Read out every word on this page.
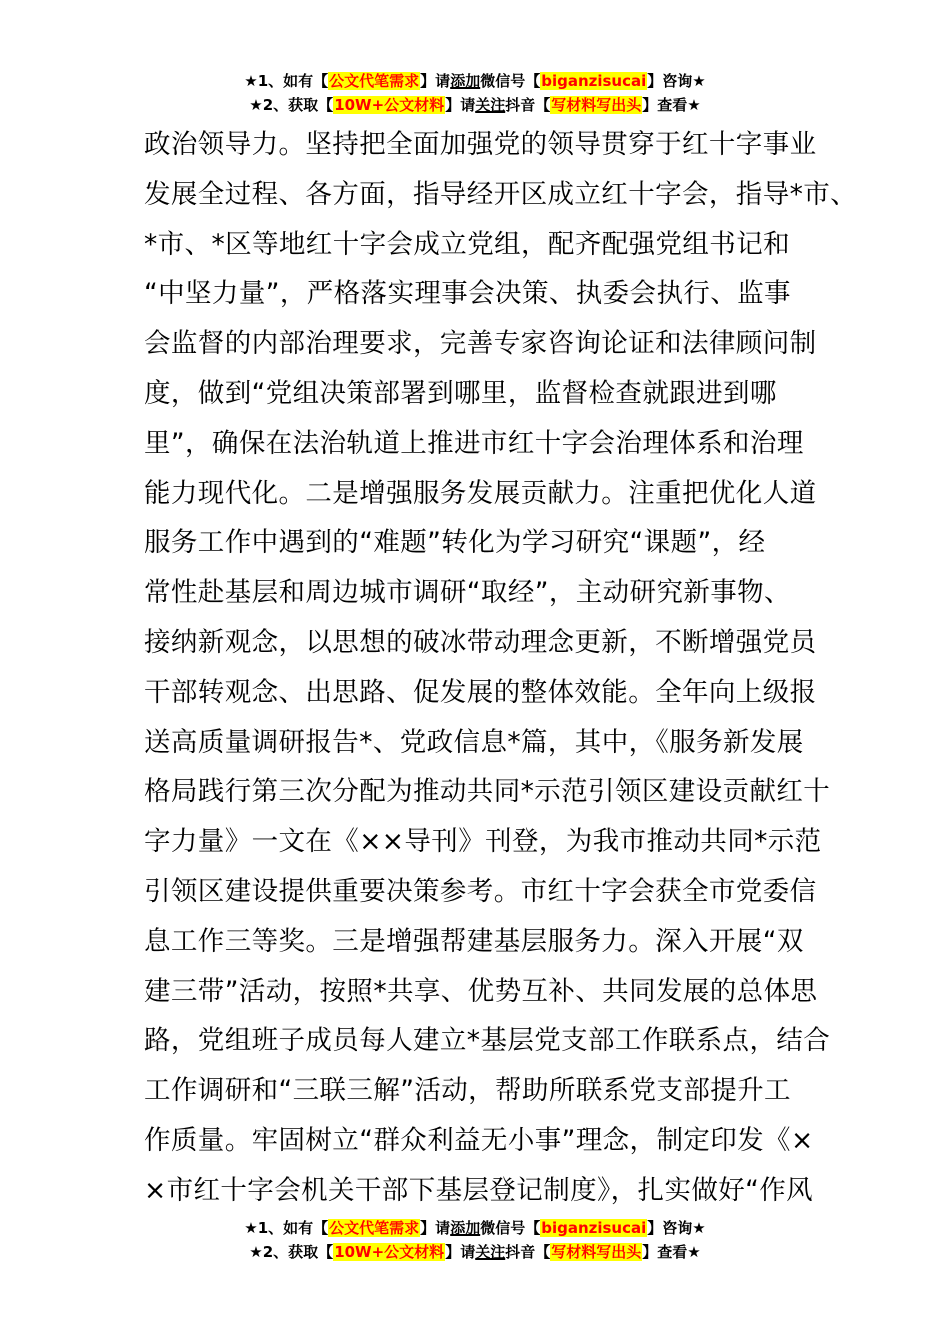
★1、如有【公文代笔需求】请添加微信号【biganzisucai】咨询★
★2、获取【10W+公文材料】请关注抖音【写材料写出头】查看★
政治领导力。坚持把全面加强党的领导贯穿于红十字事业
发展全过程、各方面，指导经开区成立红十字会，指导*市、
*市、*区等地红十字会成立党组，配齐配强党组书记和
“中坚力量”，严格落实理事会决策、执委会执行、监事
会监督的内部治理要求，完善专家咨询论证和法律顾问制
度，做到“党组决策部署到哪里，监督检查就跟进到哪
里”，确保在法治轨道上推进市红十字会治理体系和治理
能力现代化。二是增强服务发展贡献力。注重把优化人道
服务工作中遇到的“难题”转化为学习研究“课题”，经
常性赴基层和周边城市调研“取经”，主动研究新事物、
接纳新观念，以思想的破冰带动理念更新，不断增强党员
干部转观念、出思路、促发展的整体效能。全年向上级报
送高质量调研报告*、党政信息*篇，其中，《服务新发展
格局践行第三次分配为推动共同*示范引领区建设贡献红十
字力量》一文在《××导刊》刊登，为我市推动共同*示范
引领区建设提供重要决策参考。市红十字会获全市党委信
息工作三等奖。三是增强帮建基层服务力。深入开展“双
建三带”活动，按照*共享、优势互补、共同发展的总体思
路，党组班子成员每人建立*基层党支部工作联系点，结合
工作调研和“三联三解”活动，帮助所联系党支部提升工
作质量。牢固树立“群众利益无小事”理念，制定印发《×
×市红十字会机关干部下基层登记制度》，扎实做好“作风
★1、如有【公文代笔需求】请添加微信号【biganzisucai】咨询★
★2、获取【10W+公文材料】请关注抖音【写材料写出头】查看★
